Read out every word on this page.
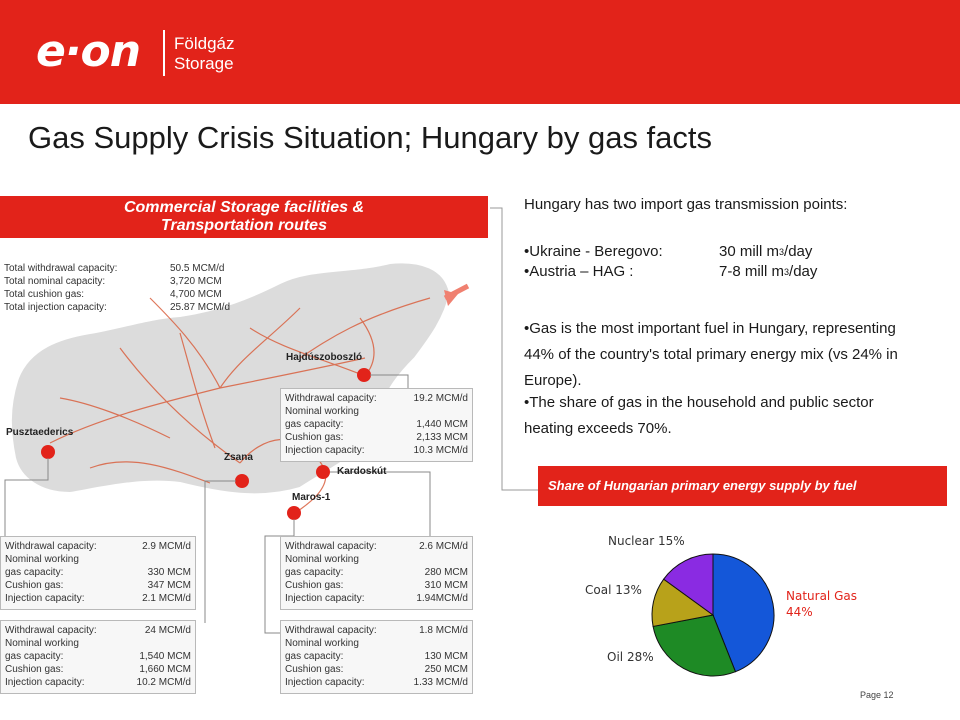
e·on Földgáz
Storage
Gas Supply Crisis Situation; Hungary by gas facts
Commercial Storage facilities &
Transportation routes
Total withdrawal capacity:	50.5 MCM/d
Total nominal capacity:	3,720 MCM
Total cushion gas:	4,700 MCM
Total injection capacity:	25.87 MCM/d
Hajdúszoboszló
Pusztaederics
Zsana
Kardoskút
Maros-1
Withdrawal capacity:	19.2 MCM/d
Nominal working
gas capacity:	1,440 MCM
Cushion gas:	2,133 MCM
Injection capacity:	10.3 MCM/d
Withdrawal capacity:	2.9 MCM/d
Nominal working
gas capacity:	330 MCM
Cushion gas:	347 MCM
Injection capacity:	2.1 MCM/d
Withdrawal capacity:	24 MCM/d
Nominal working
gas capacity:	1,540 MCM
Cushion gas:	1,660 MCM
Injection capacity:	10.2 MCM/d
Withdrawal capacity:	2.6 MCM/d
Nominal working
gas capacity:	280 MCM
Cushion gas:	310 MCM
Injection capacity:	1.94MCM/d
Withdrawal capacity:	1.8 MCM/d
Nominal working
gas capacity:	130 MCM
Cushion gas:	250 MCM
Injection capacity:	1.33 MCM/d
Hungary has two import gas transmission points:
•Ukraine - Beregovo:	30 mill m 3 /day
•Austria – HAG :	7-8 mill m 3 /day
•Gas is the most important fuel in Hungary, representing 44% of the country's total primary energy mix (vs 24% in Europe).
•The share of gas in the household and public sector heating exceeds 70%.
Share of Hungarian primary energy supply by fuel
Nuclear 15%
Coal 13%
Oil 28%
Natural Gas
44%
Page 12
